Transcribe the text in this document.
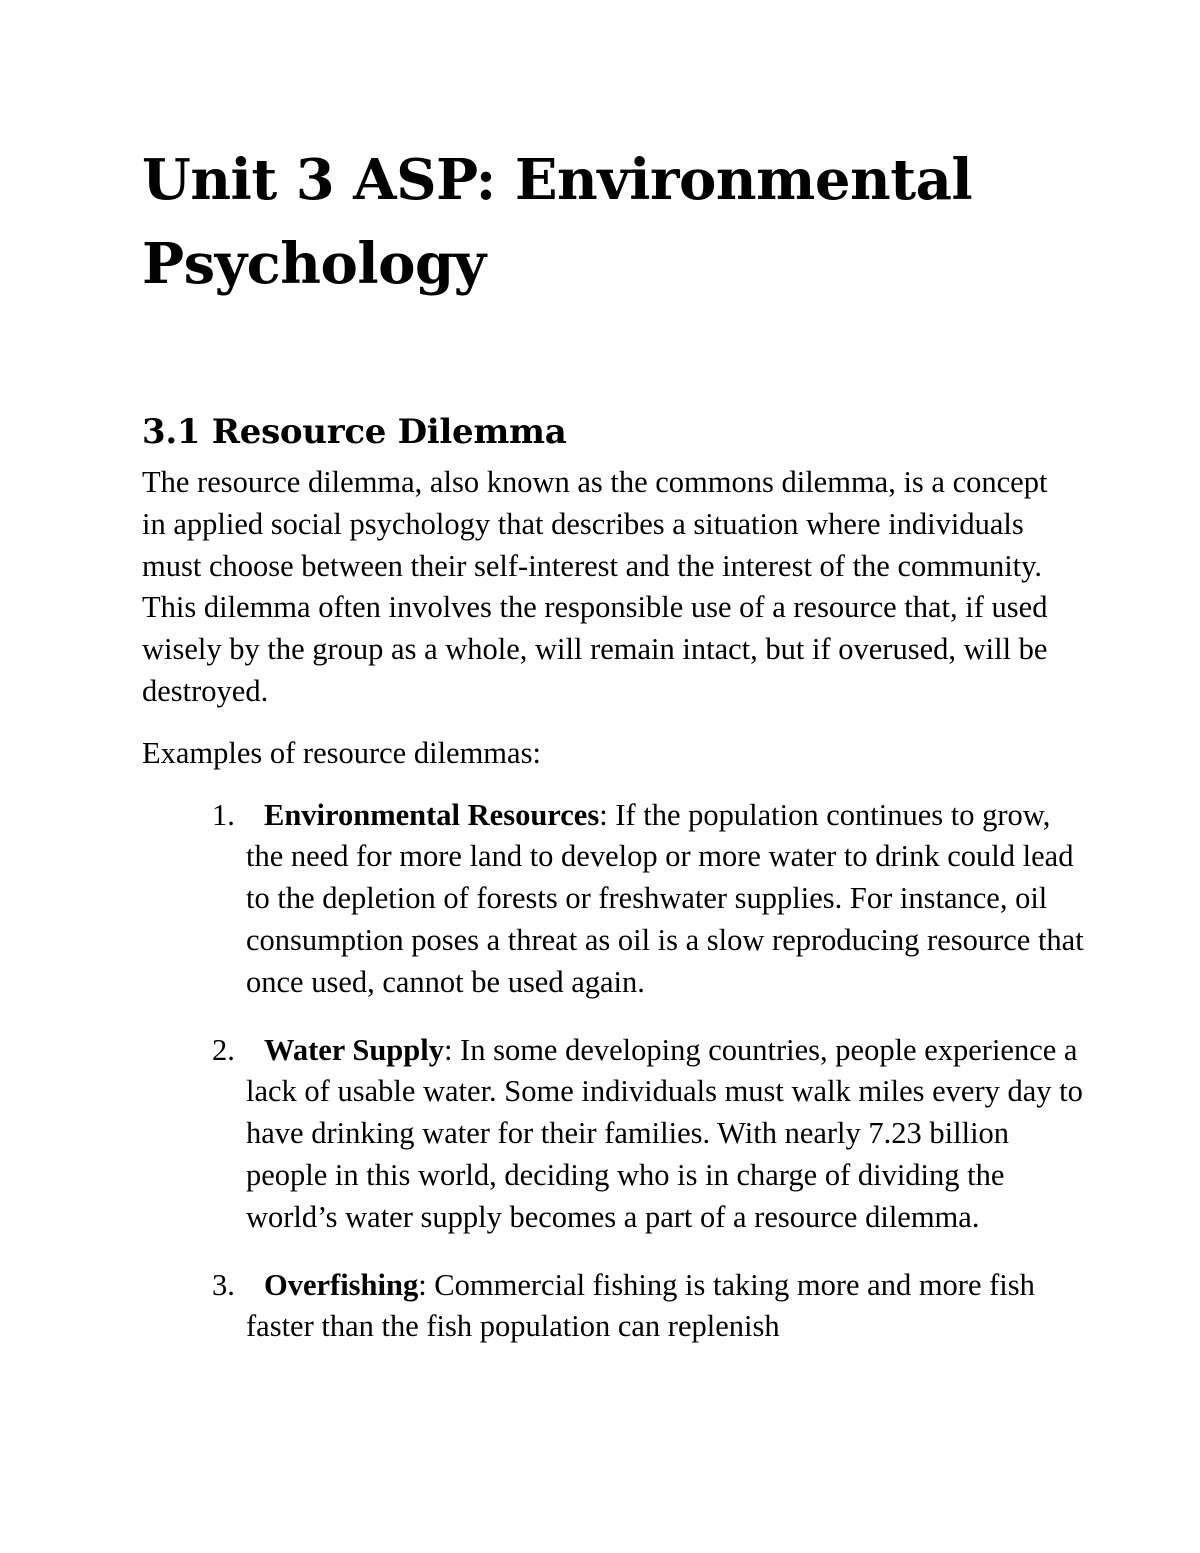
Unit 3 ASP: Environmental
Psychology
3.1 Resource Dilemma

The resource dilemma, also known as the commons dilemma, is a concept in applied social psychology that describes a situation where individuals must choose between their self-interest and the interest of the community. This dilemma often involves the responsible use of a resource that, if used wisely by the group as a whole, will remain intact, but if overused, will be destroyed.

Examples of resource dilemmas:

1. Environmental Resources: If the population continues to grow, the need for more land to develop or more water to drink could lead to the depletion of forests or freshwater supplies. For instance, oil consumption poses a threat as oil is a slow reproducing resource that once used, cannot be used again.
2. Water Supply: In some developing countries, people experience a lack of usable water. Some individuals must walk miles every day to have drinking water for their families. With nearly 7.23 billion people in this world, deciding who is in charge of dividing the world’s water supply becomes a part of a resource dilemma.
3. Overfishing: Commercial fishing is taking more and more fish faster than the fish population can replenish
